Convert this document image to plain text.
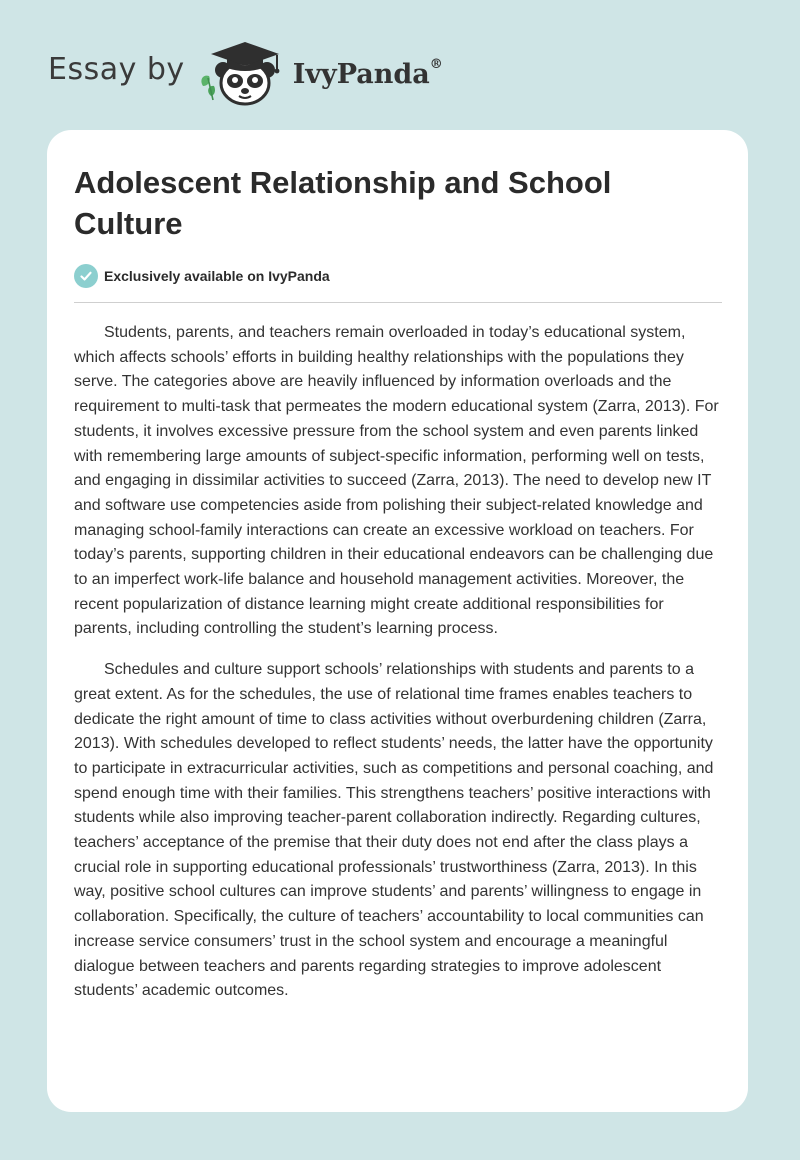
Essay by	IvyPanda®
Adolescent Relationship and School Culture
Exclusively available on IvyPanda

Students, parents, and teachers remain overloaded in today’s educational system, which affects schools’ efforts in building healthy relationships with the populations they serve. The categories above are heavily influenced by information overloads and the requirement to multi-task that permeates the modern educational system (Zarra, 2013). For students, it involves excessive pressure from the school system and even parents linked with remembering large amounts of subject-specific information, performing well on tests, and engaging in dissimilar activities to succeed (Zarra, 2013). The need to develop new IT and software use competencies aside from polishing their subject-related knowledge and managing school-family interactions can create an excessive workload on teachers. For today’s parents, supporting children in their educational endeavors can be challenging due to an imperfect work-life balance and household management activities. Moreover, the recent popularization of distance learning might create additional responsibilities for parents, including controlling the student’s learning process.

Schedules and culture support schools’ relationships with students and parents to a great extent. As for the schedules, the use of relational time frames enables teachers to dedicate the right amount of time to class activities without overburdening children (Zarra, 2013). With schedules developed to reflect students’ needs, the latter have the opportunity to participate in extracurricular activities, such as competitions and personal coaching, and spend enough time with their families. This strengthens teachers’ positive interactions with students while also improving teacher-parent collaboration indirectly. Regarding cultures, teachers’ acceptance of the premise that their duty does not end after the class plays a crucial role in supporting educational professionals’ trustworthiness (Zarra, 2013). In this way, positive school cultures can improve students’ and parents’ willingness to engage in collaboration. Specifically, the culture of teachers’ accountability to local communities can increase service consumers’ trust in the school system and encourage a meaningful dialogue between teachers and parents regarding strategies to improve adolescent students’ academic outcomes.
